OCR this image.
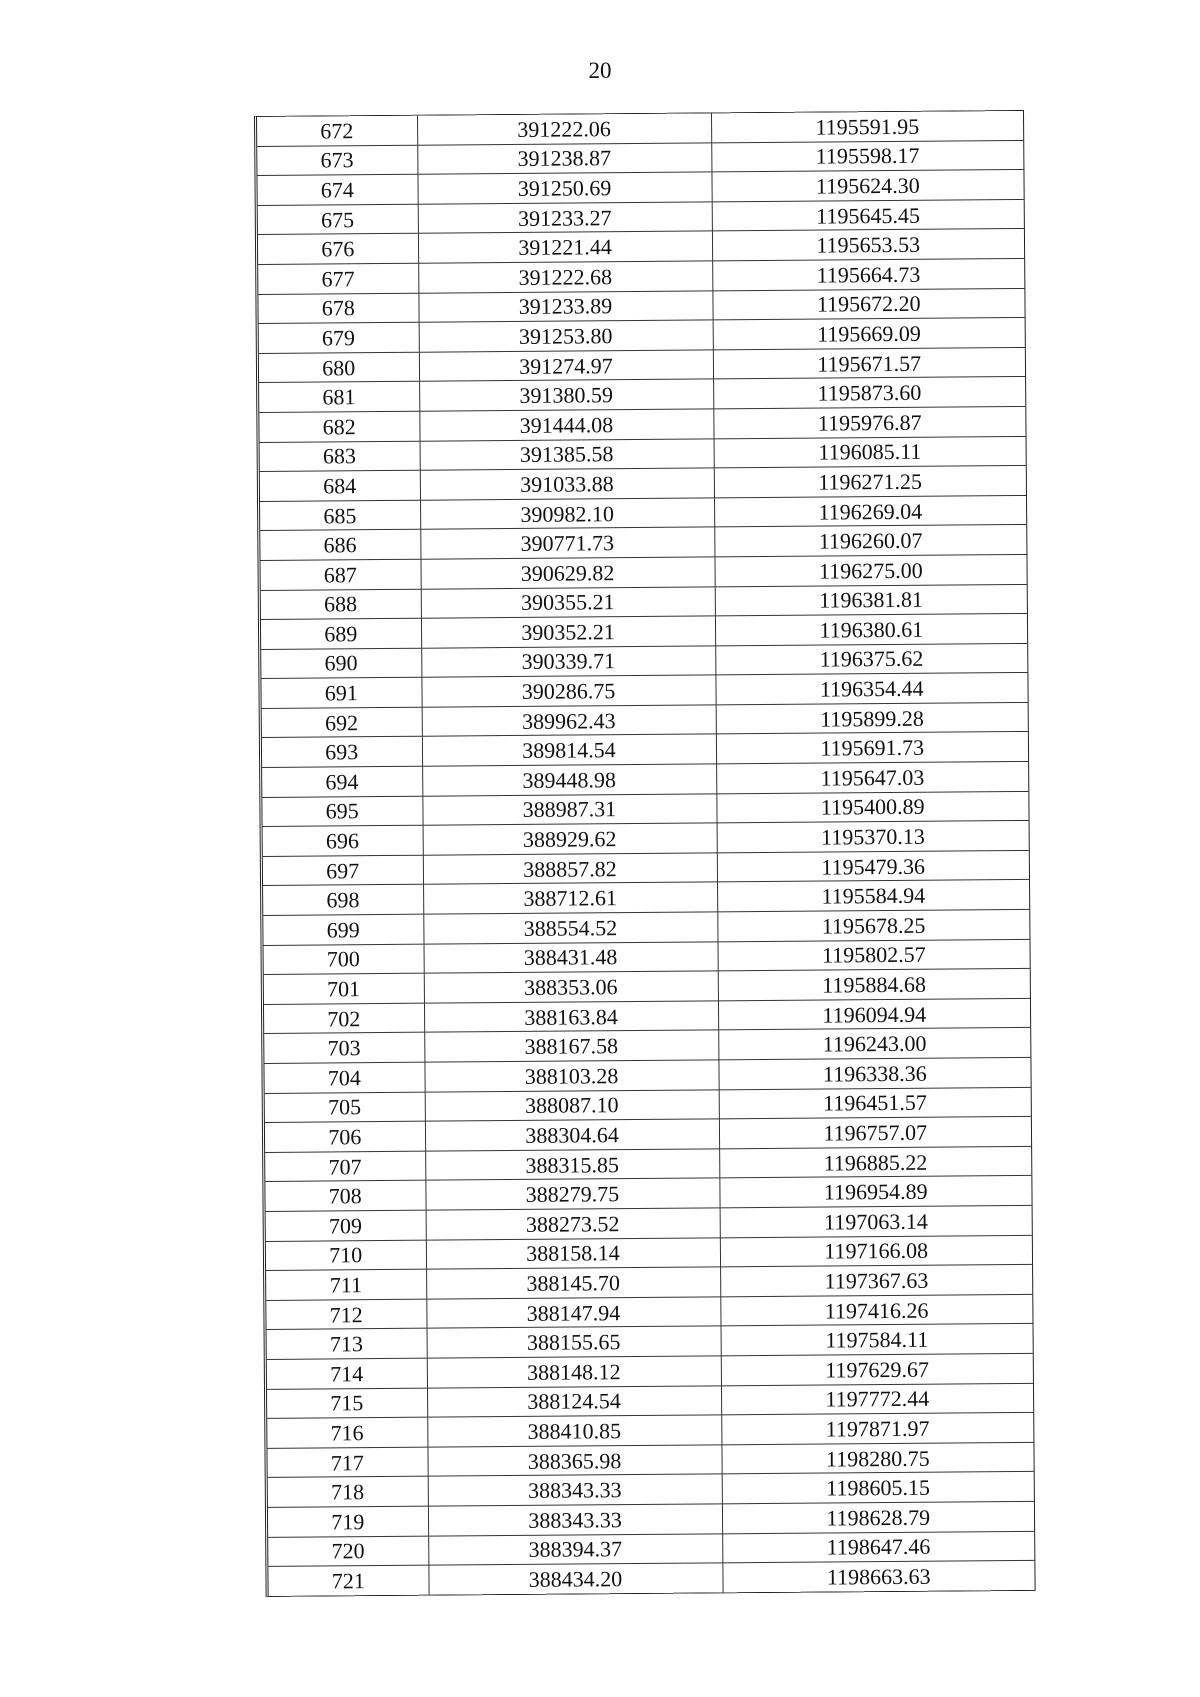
20
672	391222.06	1195591.95
673	391238.87	1195598.17
674	391250.69	1195624.30
675	391233.27	1195645.45
676	391221.44	1195653.53
677	391222.68	1195664.73
678	391233.89	1195672.20
679	391253.80	1195669.09
680	391274.97	1195671.57
681	391380.59	1195873.60
682	391444.08	1195976.87
683	391385.58	1196085.11
684	391033.88	1196271.25
685	390982.10	1196269.04
686	390771.73	1196260.07
687	390629.82	1196275.00
688	390355.21	1196381.81
689	390352.21	1196380.61
690	390339.71	1196375.62
691	390286.75	1196354.44
692	389962.43	1195899.28
693	389814.54	1195691.73
694	389448.98	1195647.03
695	388987.31	1195400.89
696	388929.62	1195370.13
697	388857.82	1195479.36
698	388712.61	1195584.94
699	388554.52	1195678.25
700	388431.48	1195802.57
701	388353.06	1195884.68
702	388163.84	1196094.94
703	388167.58	1196243.00
704	388103.28	1196338.36
705	388087.10	1196451.57
706	388304.64	1196757.07
707	388315.85	1196885.22
708	388279.75	1196954.89
709	388273.52	1197063.14
710	388158.14	1197166.08
711	388145.70	1197367.63
712	388147.94	1197416.26
713	388155.65	1197584.11
714	388148.12	1197629.67
715	388124.54	1197772.44
716	388410.85	1197871.97
717	388365.98	1198280.75
718	388343.33	1198605.15
719	388343.33	1198628.79
720	388394.37	1198647.46
721	388434.20	1198663.63
